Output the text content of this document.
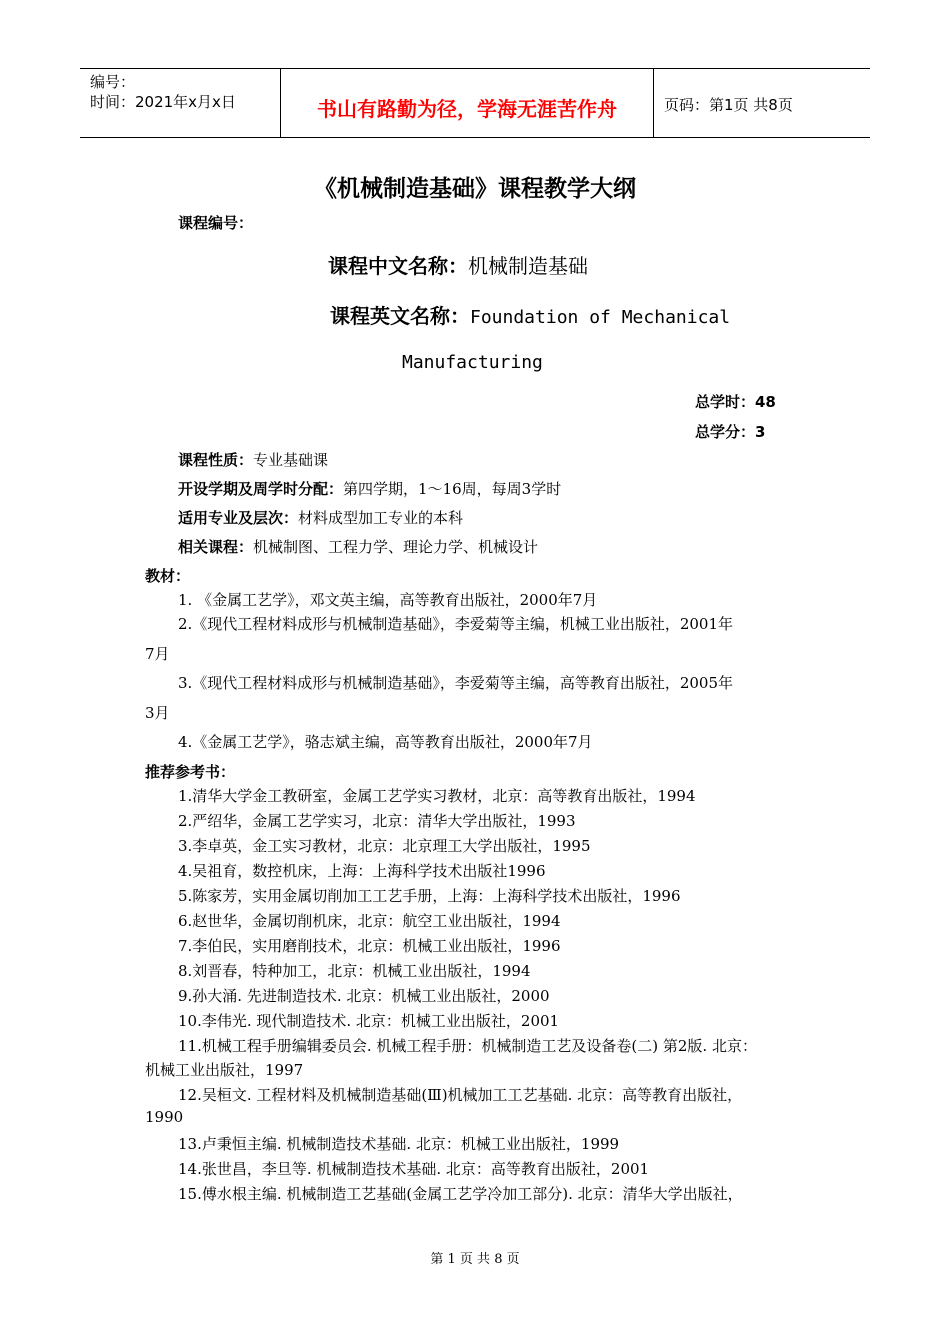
编号：
时间：2021年x月x日	书山有路勤为径，学海无涯苦作舟	页码：第1页 共8页
《机械制造基础》课程教学大纲
课程编号：
课程中文名称：机械制造基础
课程英文名称：Foundation of Mechanical
Manufacturing
总学时：48
总学分：3
课程性质：专业基础课
开设学期及周学时分配：第四学期，1～16周，每周3学时
适用专业及层次：材料成型加工专业的本科
相关课程：机械制图、工程力学、理论力学、机械设计
教材：
1. 《金属工艺学》，邓文英主编，高等教育出版社，2000年7月
2.《现代工程材料成形与机械制造基础》，李爱菊等主编，机械工业出版社，2001年
7月
3.《现代工程材料成形与机械制造基础》，李爱菊等主编，高等教育出版社，2005年
3月
4.《金属工艺学》，骆志斌主编，高等教育出版社，2000年7月
推荐参考书：
1.清华大学金工教研室，金属工艺学实习教材，北京：高等教育出版社，1994
2.严绍华，金属工艺学实习，北京：清华大学出版社，1993
3.李卓英，金工实习教材，北京：北京理工大学出版社，1995
4.吴祖育，数控机床，上海：上海科学技术出版社1996
5.陈家芳，实用金属切削加工工艺手册，上海：上海科学技术出版社，1996
6.赵世华，金属切削机床，北京：航空工业出版社，1994
7.李伯民，实用磨削技术，北京：机械工业出版社，1996
8.刘晋春，特种加工，北京：机械工业出版社，1994
9.孙大涌. 先进制造技术. 北京：机械工业出版社，2000
10.李伟光. 现代制造技术. 北京：机械工业出版社，2001
11.机械工程手册编辑委员会. 机械工程手册：机械制造工艺及设备卷(二) 第2版. 北京：
机械工业出版社，1997
12.吴桓文. 工程材料及机械制造基础(Ⅲ)机械加工工艺基础. 北京：高等教育出版社，
1990
13.卢秉恒主编. 机械制造技术基础. 北京：机械工业出版社，1999
14.张世昌，李旦等. 机械制造技术基础. 北京：高等教育出版社，2001
15.傅水根主编. 机械制造工艺基础(金属工艺学冷加工部分). 北京：清华大学出版社，
第 1 页 共 8 页
